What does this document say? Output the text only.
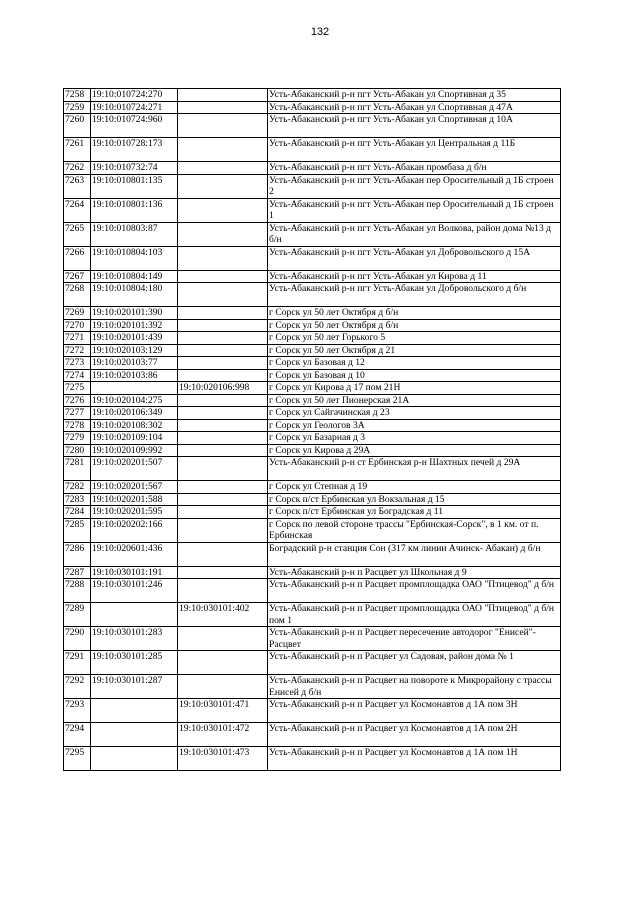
132
7258	19:10:010724:270		Усть-Абаканский р-н пгт Усть-Абакан ул Спортивная д 35
7259	19:10:010724:271		Усть-Абаканский р-н пгт Усть-Абакан ул Спортивная д 47А
7260	19:10:010724:960		Усть-Абаканский р-н пгт Усть-Абакан ул Спортивная д 10А
7261	19:10:010728:173		Усть-Абаканский р-н пгт Усть-Абакан ул Центральная д 11Б
7262	19:10:010732:74		Усть-Абаканский р-н пгт Усть-Абакан промбаза д б/н
7263	19:10:010801:135		Усть-Абаканский р-н пгт Усть-Абакан пер Оросительный д 1Б строен 2
7264	19:10:010801:136		Усть-Абаканский р-н пгт Усть-Абакан пер Оросительный д 1Б строен 1
7265	19:10:010803:87		Усть-Абаканский р-н пгт Усть-Абакан ул Волкова, район дома №13 д б/н
7266	19:10:010804:103		Усть-Абаканский р-н пгт Усть-Абакан ул Добровольского д 15А
7267	19:10:010804:149		Усть-Абаканский р-н пгт Усть-Абакан ул Кирова д 11
7268	19:10:010804:180		Усть-Абаканский р-н пгт Усть-Абакан ул Добровольского д б/н
7269	19:10:020101:390		г Сорск ул 50 лет Октября д б/н
7270	19:10:020101:392		г Сорск ул 50 лет Октября д б/н
7271	19:10:020101:439		г Сорск ул 50 лет Горького 5
7272	19:10:020103:129		г Сорск ул 50 лет Октября д 21
7273	19:10:020103:77		г Сорск ул Базовая д 12
7274	19:10:020103:86		г Сорск ул Базовая д 10
7275		19:10:020106:998	г Сорск ул Кирова д 17 пом 21Н
7276	19:10:020104:275		г Сорск ул 50 лет Пионерская 21А
7277	19:10:020106:349		г Сорск ул Сайгачинская д 23
7278	19:10:020108:302		г Сорск ул Геологов 3А
7279	19:10:020109:104		г Сорск ул Базарная д 3
7280	19:10:020109:992		г Сорск ул Кирова д 29А
7281	19:10:020201:507		Усть-Абаканский р-н ст Ербинская р-н Шахтных печей д 29А
7282	19:10:020201:567		г Сорск ул Степная д 19
7283	19:10:020201:588		г Сорск п/ст Ербинская ул Вокзальная д 15
7284	19:10:020201:595		г Сорск п/ст Ербинская ул Боградская д 11
7285	19:10:020202:166		г Сорск по левой стороне трассы "Ербинская-Сорск", в 1 км. от п. Ербинская
7286	19:10:020601:436		Боградский р-н станция Сон (317 км линии Ачинск- Абакан) д б/н
7287	19:10:030101:191		Усть-Абаканский р-н п Расцвет ул Школьная д 9
7288	19:10:030101:246		Усть-Абаканский р-н п Расцвет промплощадка ОАО "Птицевод" д б/н
7289		19:10:030101:402	Усть-Абаканский р-н п Расцвет промплощадка ОАО "Птицевод" д б/н пом 1
7290	19:10:030101:283		Усть-Абаканский р-н п Расцвет пересечение автодорог "Енисей"-Расцвет
7291	19:10:030101:285		Усть-Абаканский р-н п Расцвет ул Садовая, район дома № 1
7292	19:10:030101:287		Усть-Абаканский р-н п Расцвет на повороте к Микрорайону с трассы Енисей д б/н
7293		19:10:030101:471	Усть-Абаканский р-н п Расцвет ул Космонавтов д 1А пом 3Н
7294		19:10:030101:472	Усть-Абаканский р-н п Расцвет ул Космонавтов д 1А пом 2Н
7295		19:10:030101:473	Усть-Абаканский р-н п Расцвет ул Космонавтов д 1А пом 1Н
